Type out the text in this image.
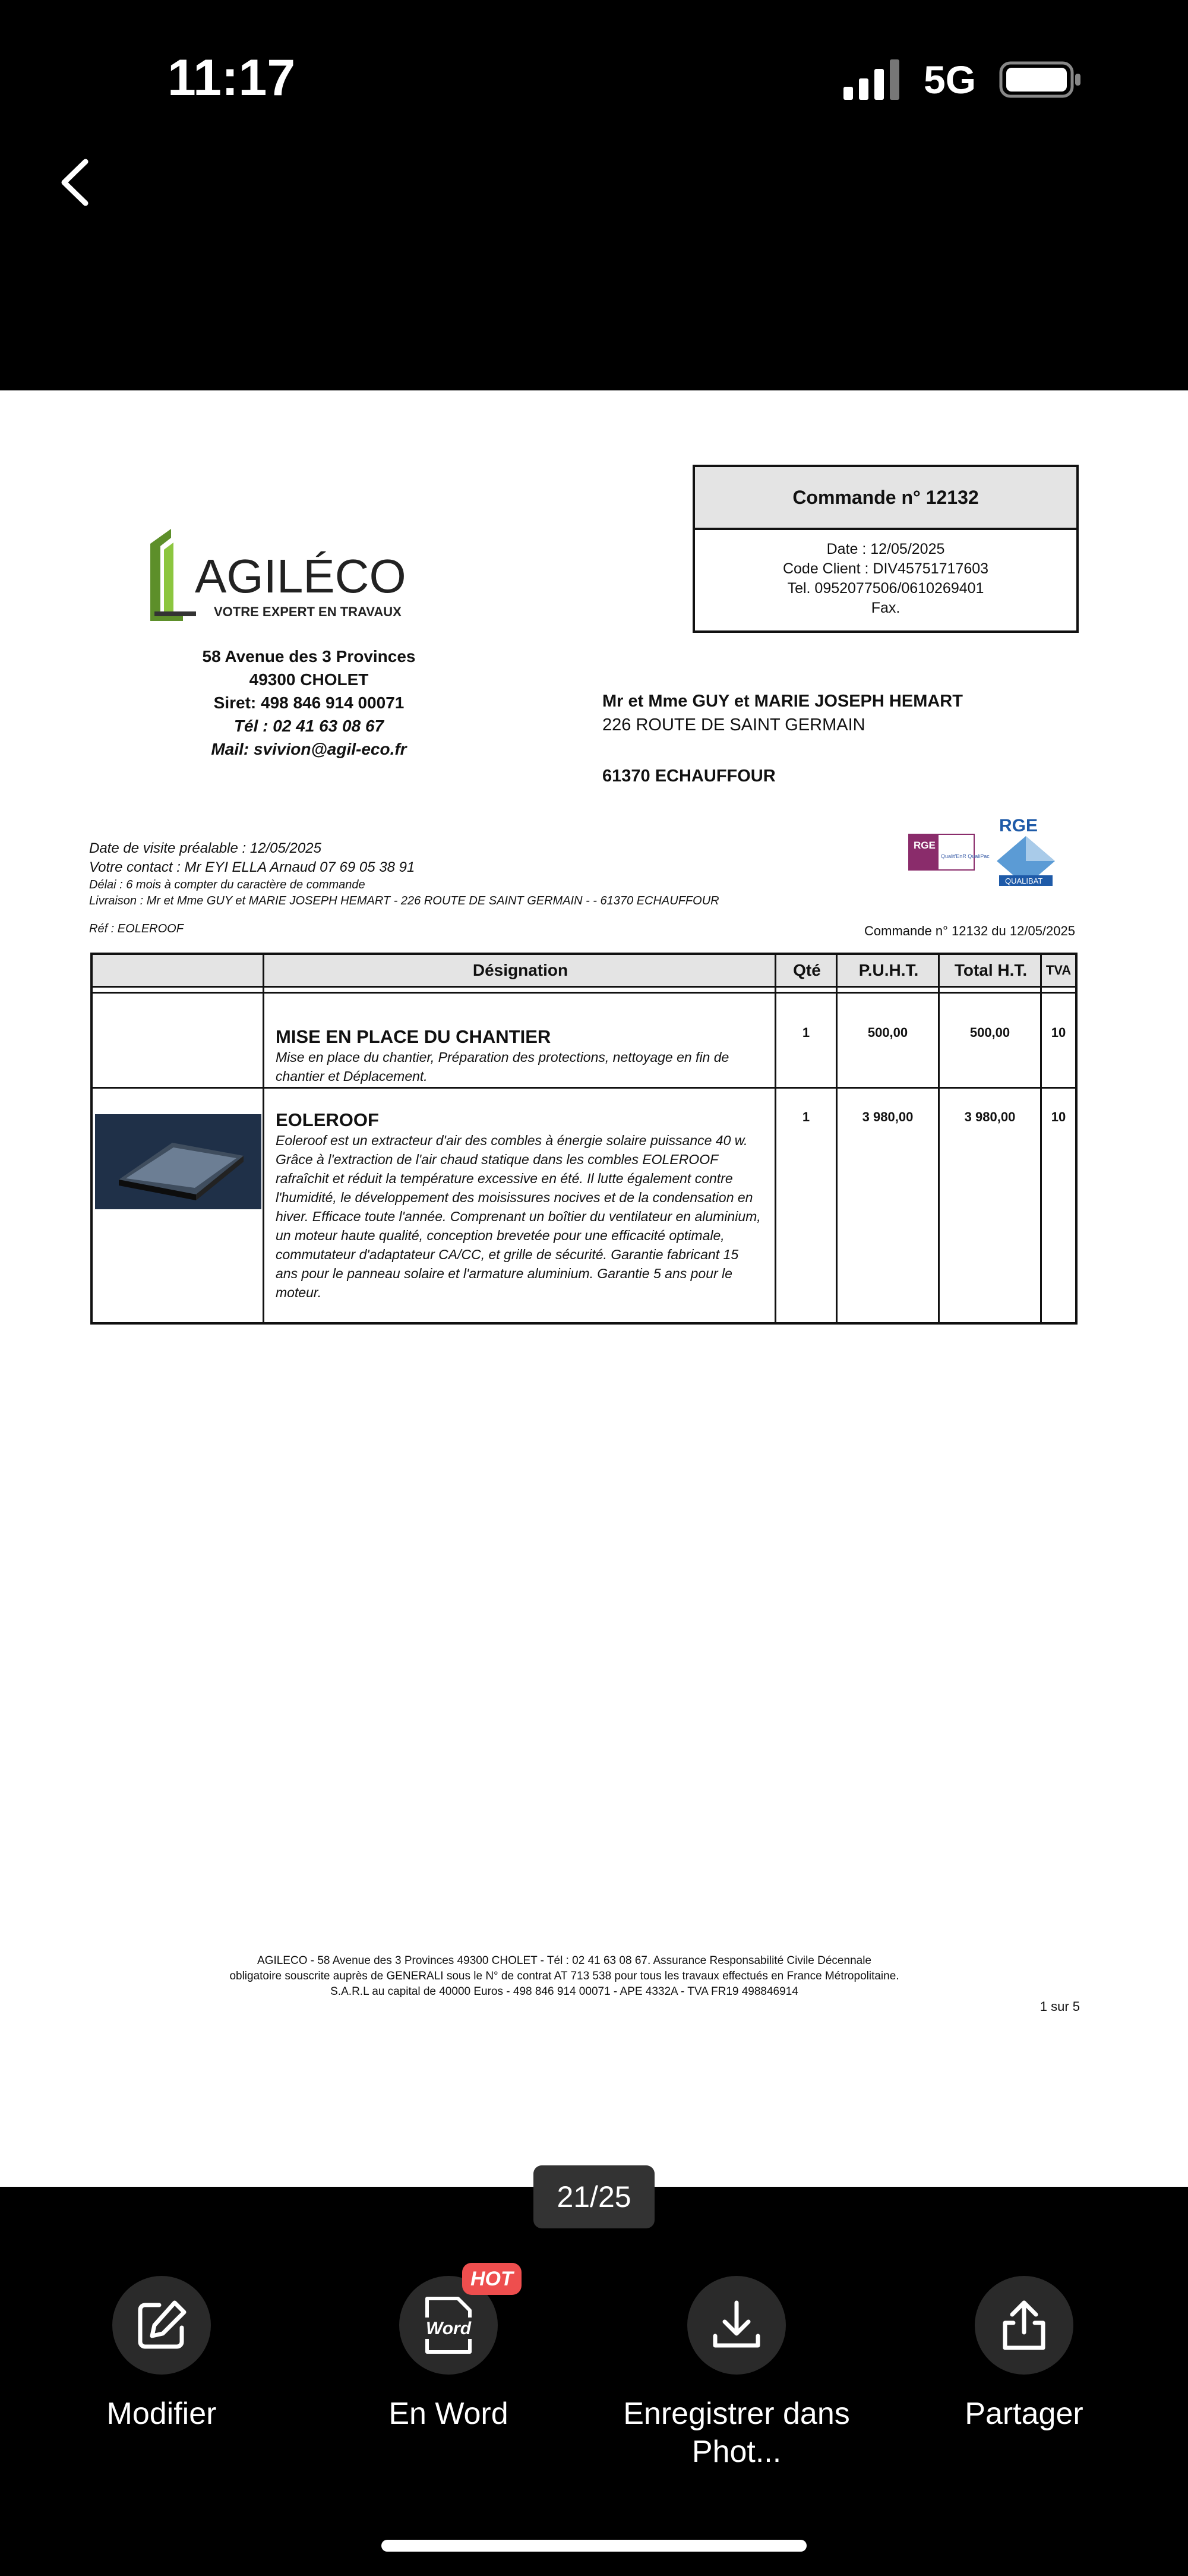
11:17	5G
Commande n° 12132
Date : 12/05/2025
Code Client : DIV45751717603
Tel. 0952077506/0610269401
Fax.
AGILÉCO
VOTRE EXPERT EN TRAVAUX
58 Avenue des 3 Provinces
49300 CHOLET
Siret: 498 846 914 00071
Tél : 02 41 63 08 67
Mail: svivion@agil-eco.fr
Mr et Mme GUY et MARIE JOSEPH HEMART
226 ROUTE DE SAINT GERMAIN
61370 ECHAUFFOUR
RGE
Qualit'EnR QualiPac
RGE
QUALIBAT
Date de visite préalable : 12/05/2025
Votre contact : Mr EYI ELLA Arnaud 07 69 05 38 91
Délai : 6 mois à compter du caractère de commande
Livraison : Mr et Mme GUY et MARIE JOSEPH HEMART - 226 ROUTE DE SAINT GERMAIN - - 61370 ECHAUFFOUR
Réf : EOLEROOF	Commande n° 12132 du 12/05/2025
Désignation	Qté	P.U.H.T.	Total H.T.	TVA
MISE EN PLACE DU CHANTIER
Mise en place du chantier, Préparation des protections, nettoyage en fin de chantier et Déplacement.
1	500,00	500,00	10
EOLEROOF
Eoleroof est un extracteur d'air des combles à énergie solaire puissance 40 w. Grâce à l'extraction de l'air chaud statique dans les combles EOLEROOF rafraîchit et réduit la température excessive en été. Il lutte également contre l'humidité, le développement des moisissures nocives et de la condensation en hiver. Efficace toute l'année. Comprenant un boîtier du ventilateur en aluminium, un moteur haute qualité, conception brevetée pour une efficacité optimale, commutateur d'adaptateur CA/CC, et grille de sécurité. Garantie fabricant 15 ans pour le panneau solaire et l'armature aluminium. Garantie 5 ans pour le moteur.
1	3 980,00	3 980,00	10
AGILECO - 58 Avenue des 3 Provinces 49300 CHOLET - Tél : 02 41 63 08 67. Assurance Responsabilité Civile Décennale
obligatoire souscrite auprès de GENERALI sous le N° de contrat AT 713 538 pour tous les travaux effectués en France Métropolitaine.
S.A.R.L au capital de 40000 Euros - 498 846 914 00071 - APE 4332A - TVA FR19 498846914
1 sur 5
21/25
Modifier
Word
HOT
En Word	Enregistrer dans Phot...
Partager
